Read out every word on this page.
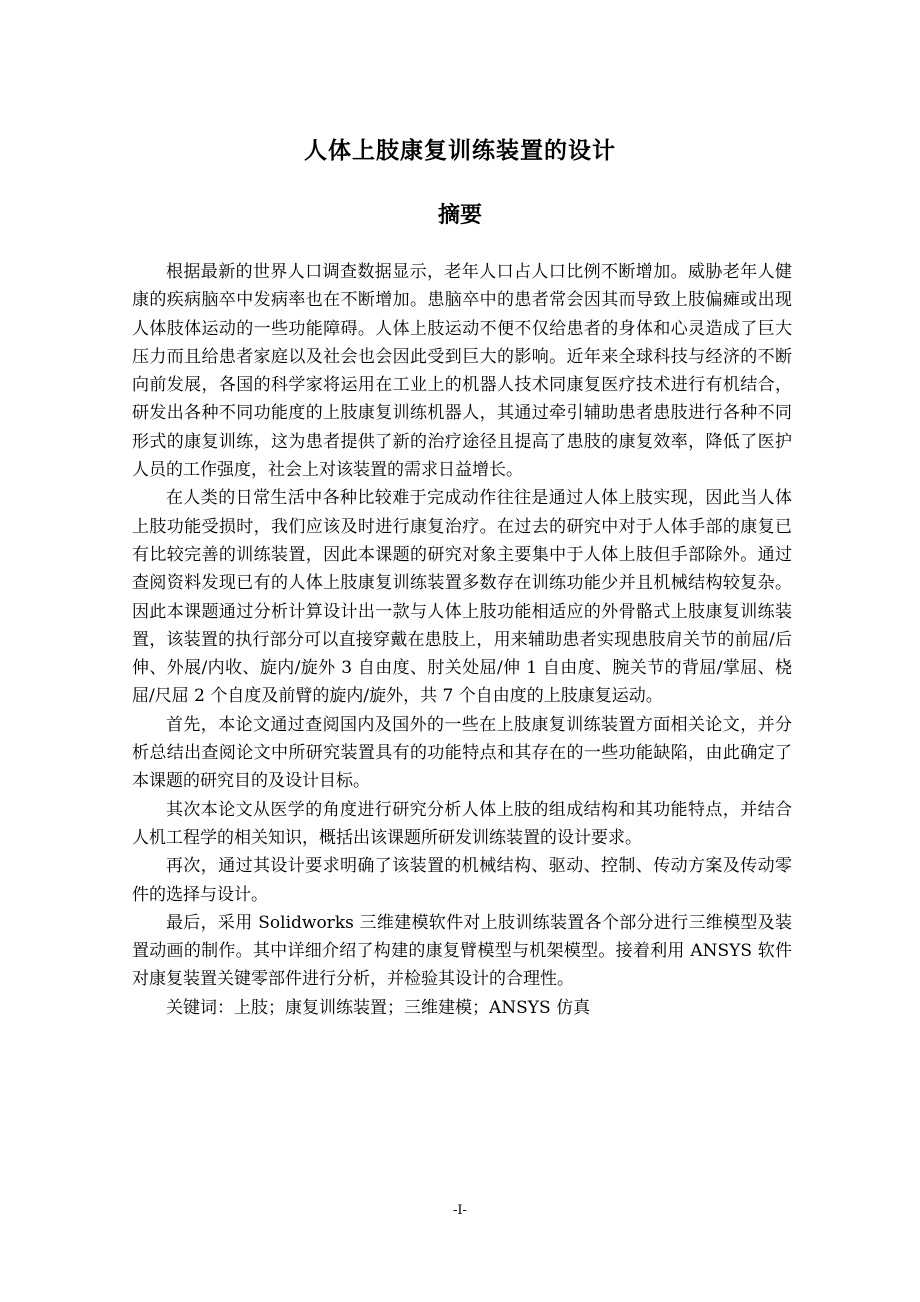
人体上肢康复训练装置的设计
摘要

根据最新的世界人口调查数据显示，老年人口占人口比例不断增加。威胁老年人健康的疾病脑卒中发病率也在不断增加。患脑卒中的患者常会因其而导致上肢偏瘫或出现人体肢体运动的一些功能障碍。人体上肢运动不便不仅给患者的身体和心灵造成了巨大压力而且给患者家庭以及社会也会因此受到巨大的影响。近年来全球科技与经济的不断向前发展，各国的科学家将运用在工业上的机器人技术同康复医疗技术进行有机结合，研发出各种不同功能度的上肢康复训练机器人，其通过牵引辅助患者患肢进行各种不同形式的康复训练，这为患者提供了新的治疗途径且提高了患肢的康复效率，降低了医护人员的工作强度，社会上对该装置的需求日益增长。

在人类的日常生活中各种比较难于完成动作往往是通过人体上肢实现，因此当人体上肢功能受损时，我们应该及时进行康复治疗。在过去的研究中对于人体手部的康复已有比较完善的训练装置，因此本课题的研究对象主要集中于人体上肢但手部除外。通过查阅资料发现已有的人体上肢康复训练装置多数存在训练功能少并且机械结构较复杂。因此本课题通过分析计算设计出一款与人体上肢功能相适应的外骨骼式上肢康复训练装置，该装置的执行部分可以直接穿戴在患肢上，用来辅助患者实现患肢肩关节的前屈/后伸、外展/内收、旋内/旋外 3 自由度、肘关处屈/伸 1 自由度、腕关节的背屈/掌屈、桡屈/尺屈 2 个自度及前臂的旋内/旋外，共 7 个自由度的上肢康复运动。

首先，本论文通过查阅国内及国外的一些在上肢康复训练装置方面相关论文，并分析总结出查阅论文中所研究装置具有的功能特点和其存在的一些功能缺陷，由此确定了本课题的研究目的及设计目标。

其次本论文从医学的角度进行研究分析人体上肢的组成结构和其功能特点，并结合人机工程学的相关知识，概括出该课题所研发训练装置的设计要求。

再次，通过其设计要求明确了该装置的机械结构、驱动、控制、传动方案及传动零件的选择与设计。

最后，采用 Solidworks 三维建模软件对上肢训练装置各个部分进行三维模型及装置动画的制作。其中详细介绍了构建的康复臂模型与机架模型。接着利用 ANSYS 软件对康复装置关键零部件进行分析，并检验其设计的合理性。

关键词：上肢；康复训练装置；三维建模；ANSYS 仿真

-I-
